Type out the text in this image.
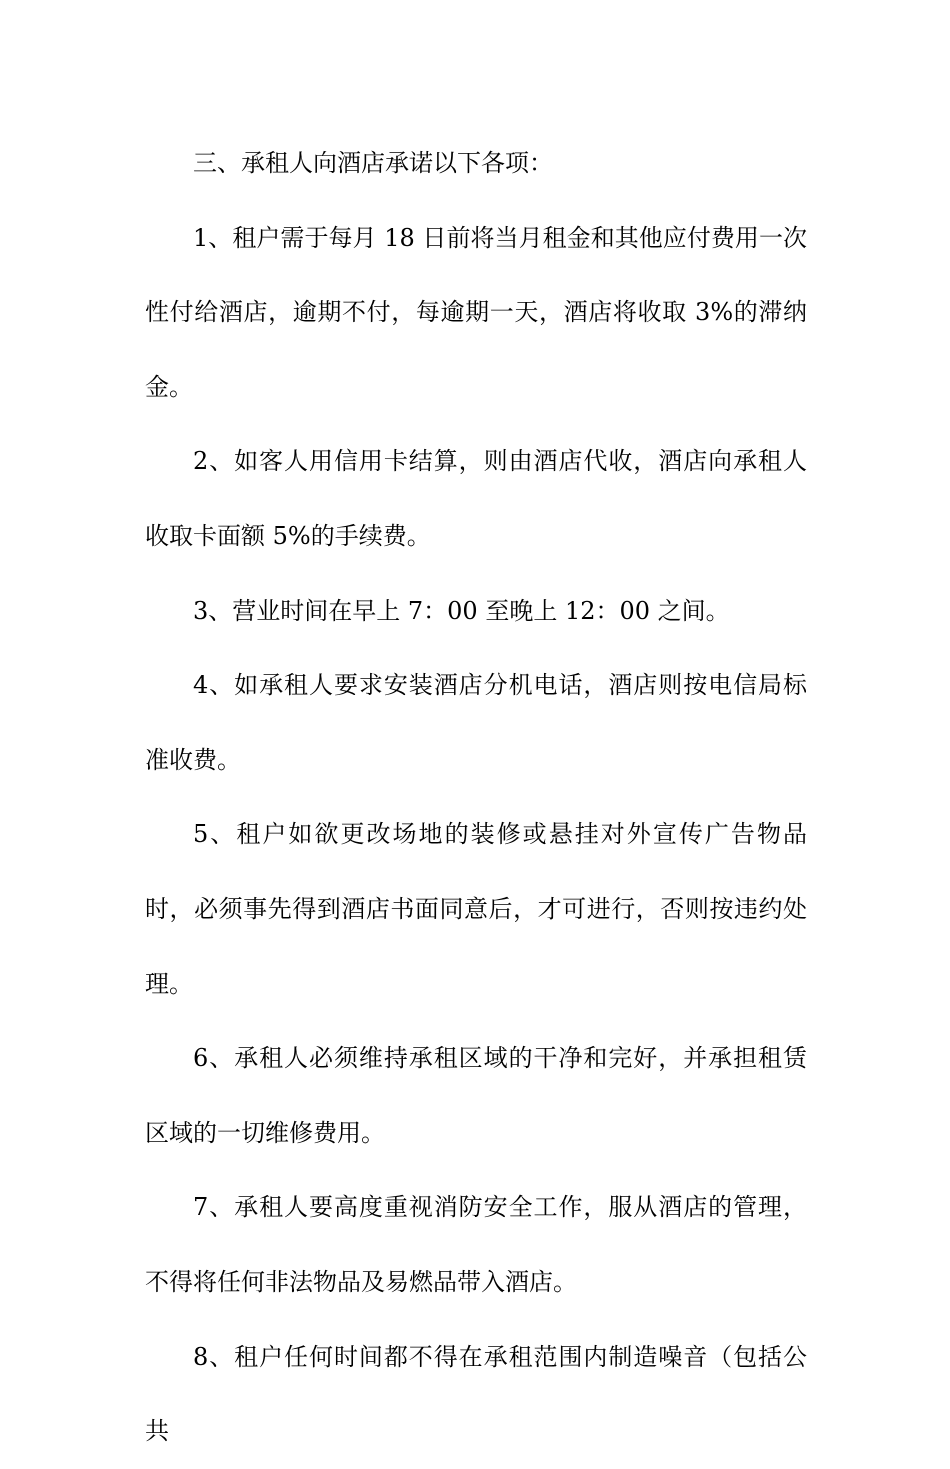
三、承租人向酒店承诺以下各项：

1、租户需于每月 18 日前将当月租金和其他应付费用一次性付给酒店，逾期不付，每逾期一天，酒店将收取 3%的滞纳金。

2、如客人用信用卡结算，则由酒店代收，酒店向承租人收取卡面额 5%的手续费。

3、营业时间在早上 7：00 至晚上 12：00 之间。

4、如承租人要求安装酒店分机电话，酒店则按电信局标准收费。

5、租户如欲更改场地的装修或悬挂对外宣传广告物品时，必须事先得到酒店书面同意后，才可进行，否则按违约处理。

6、承租人必须维持承租区域的干净和完好，并承担租赁区域的一切维修费用。

7、承租人要高度重视消防安全工作，服从酒店的管理，不得将任何非法物品及易燃品带入酒店。

8、租户任何时间都不得在承租范围内制造噪音（包括公共
